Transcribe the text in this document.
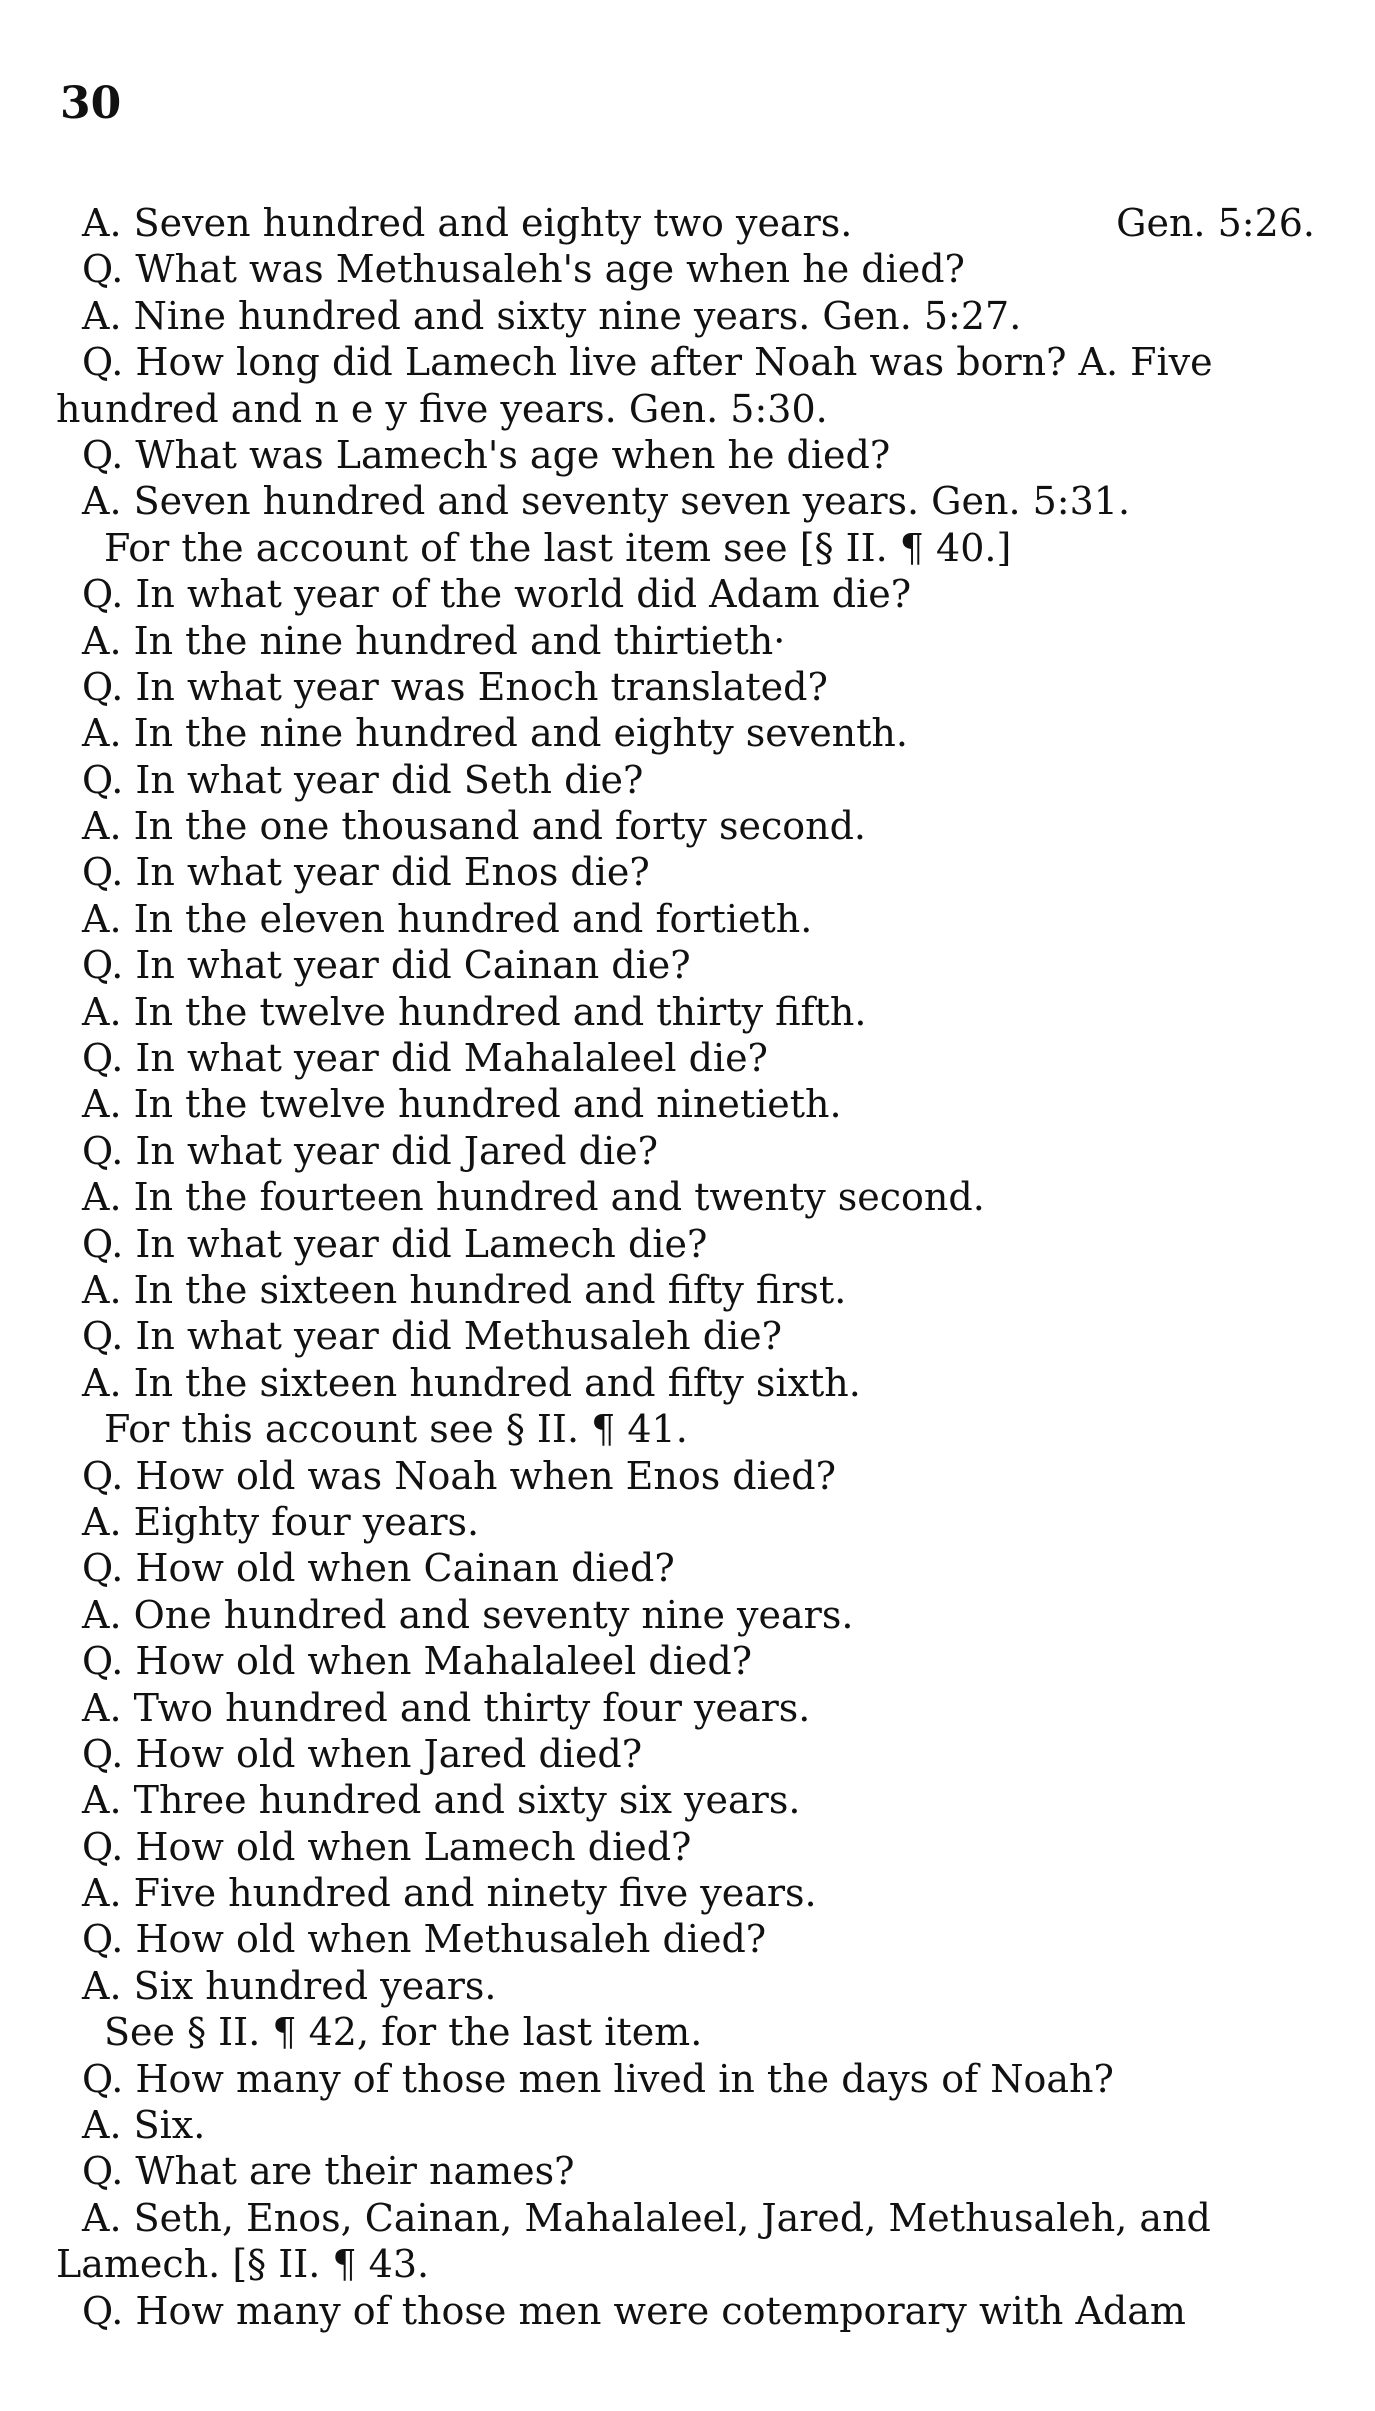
30
A. Seven hundred and eighty two years.	Gen. 5:26.
Q. What was Methusaleh's age when he died?
A. Nine hundred and sixty nine years. Gen. 5:27.
Q. How long did Lamech live after Noah was born? A. Five
hundred and n e y five years. Gen. 5:30.
Q. What was Lamech's age when he died?
A. Seven hundred and seventy seven years. Gen. 5:31.
For the account of the last item see [§ II. ¶ 40.]
Q. In what year of the world did Adam die?
A. In the nine hundred and thirtieth·
Q. In what year was Enoch translated?
A. In the nine hundred and eighty seventh.
Q. In what year did Seth die?
A. In the one thousand and forty second.
Q. In what year did Enos die?
A. In the eleven hundred and fortieth.
Q. In what year did Cainan die?
A. In the twelve hundred and thirty fifth.
Q. In what year did Mahalaleel die?
A. In the twelve hundred and ninetieth.
Q. In what year did Jared die?
A. In the fourteen hundred and twenty second.
Q. In what year did Lamech die?
A. In the sixteen hundred and fifty first.
Q. In what year did Methusaleh die?
A. In the sixteen hundred and fifty sixth.
For this account see § II. ¶ 41.
Q. How old was Noah when Enos died?
A. Eighty four years.
Q. How old when Cainan died?
A. One hundred and seventy nine years.
Q. How old when Mahalaleel died?
A. Two hundred and thirty four years.
Q. How old when Jared died?
A. Three hundred and sixty six years.
Q. How old when Lamech died?
A. Five hundred and ninety five years.
Q. How old when Methusaleh died?
A. Six hundred years.
See § II. ¶ 42, for the last item.
Q. How many of those men lived in the days of Noah?
A. Six.
Q. What are their names?
A. Seth, Enos, Cainan, Mahalaleel, Jared, Methusaleh, and
Lamech. [§ II. ¶ 43.
Q. How many of those men were cotemporary with Adam
